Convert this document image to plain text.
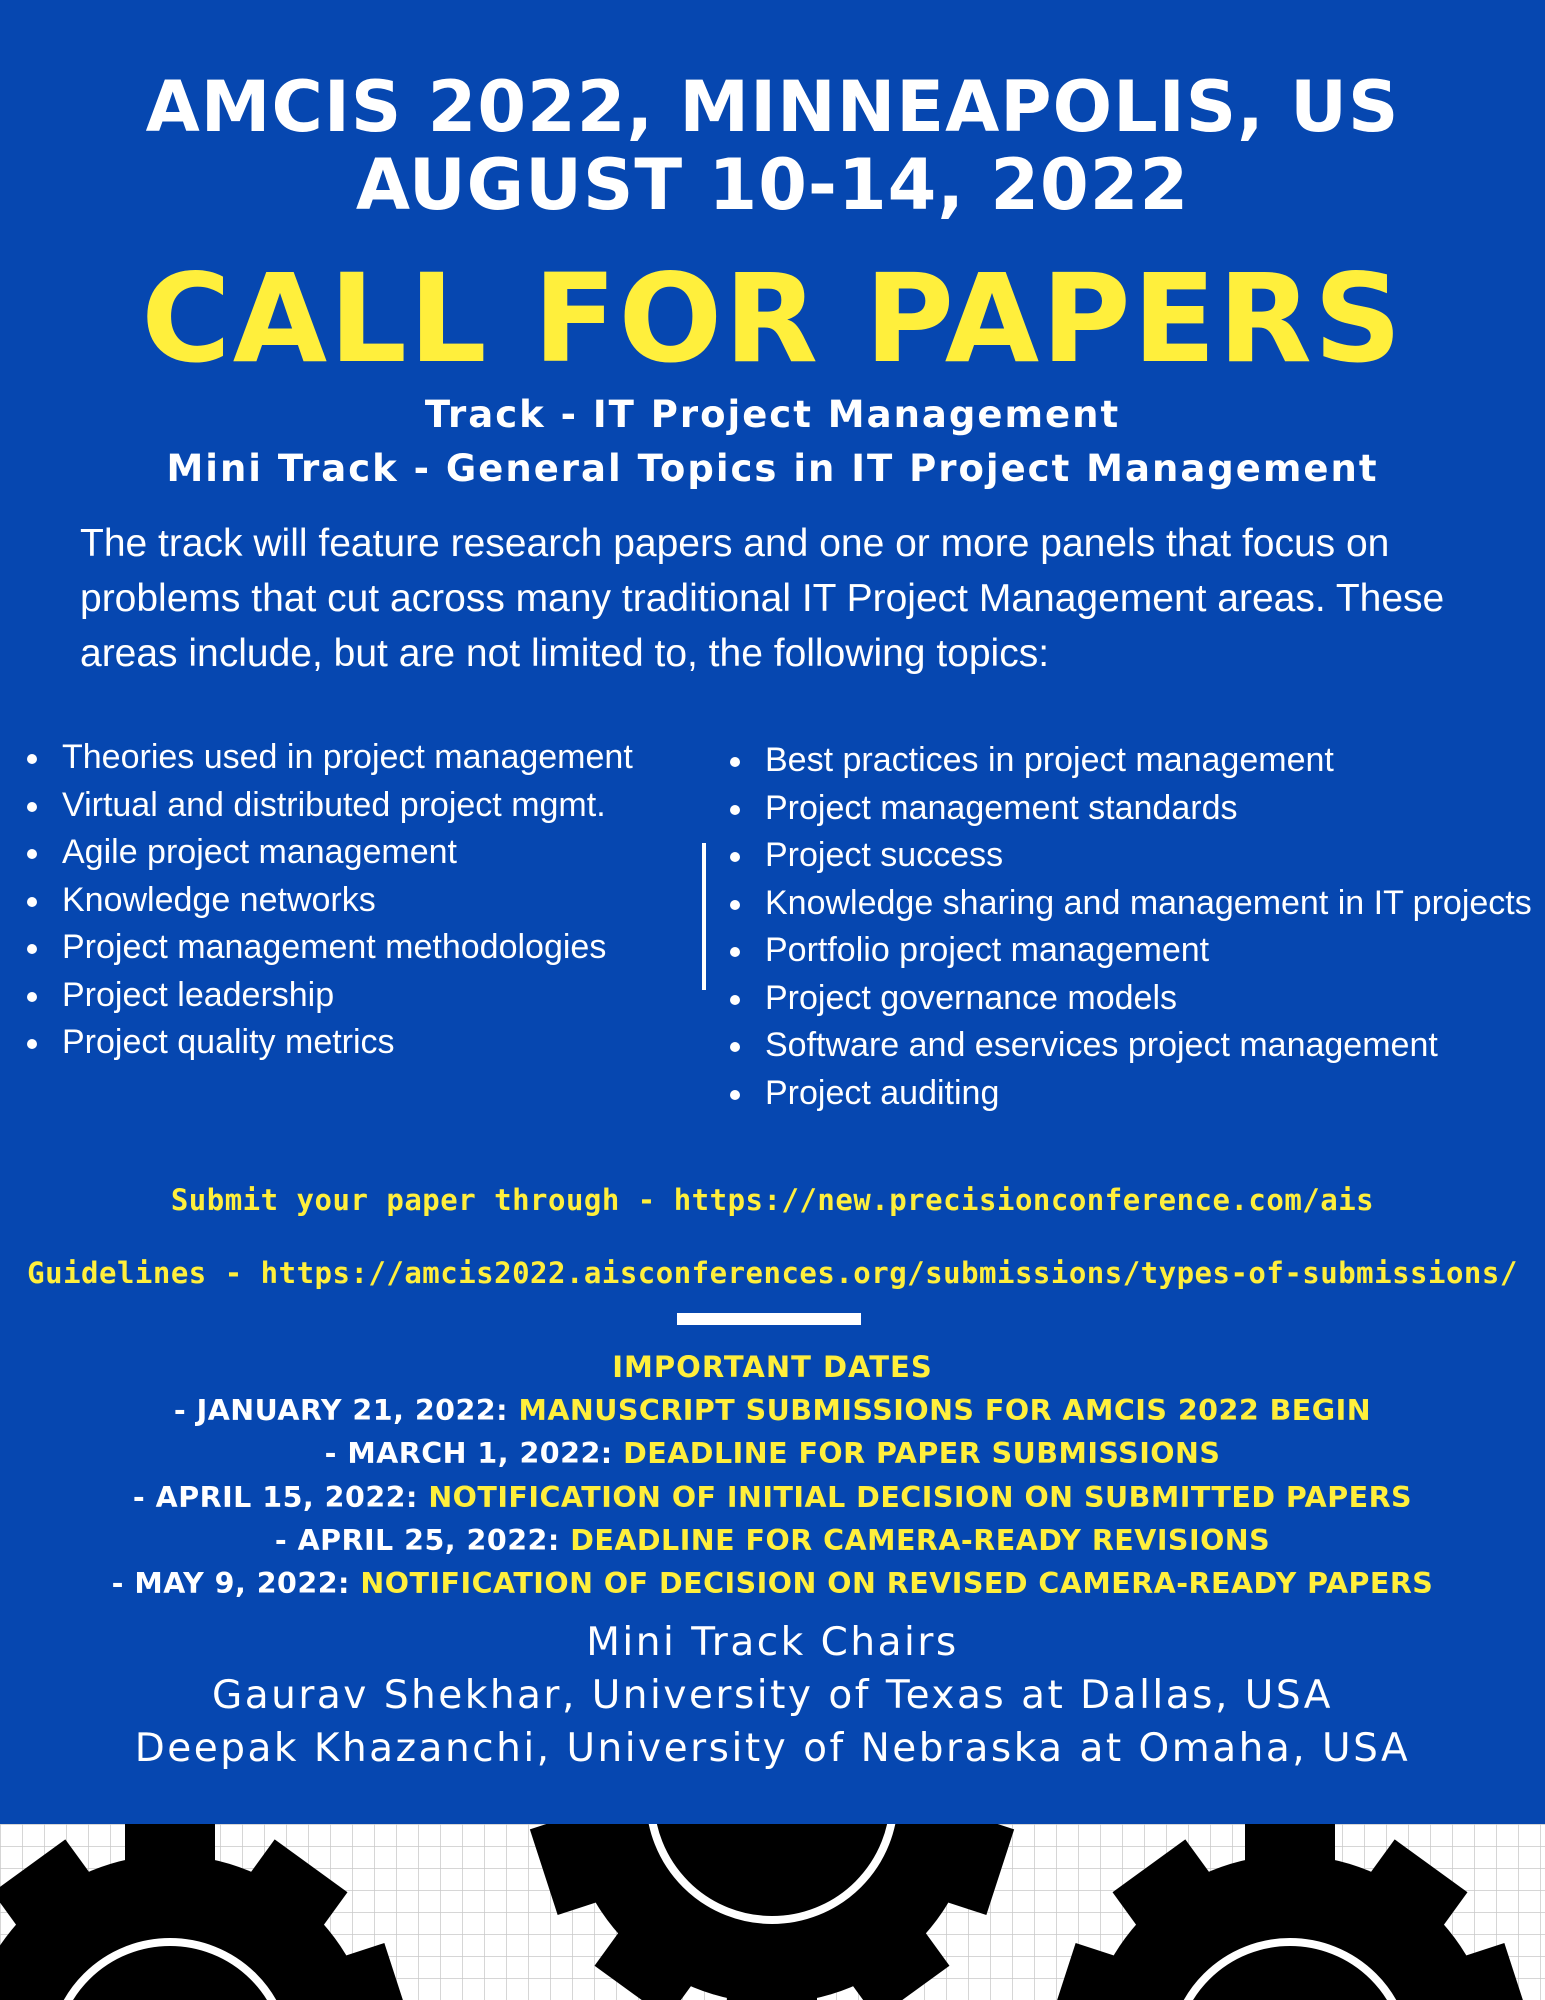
AMCIS 2022, MINNEAPOLIS, US
AUGUST 10-14, 2022
CALL FOR PAPERS
Track - IT Project Management
Mini Track - General Topics in IT Project Management
The track will feature research papers and one or more panels that focus on problems that cut across many traditional IT Project Management areas. These areas include, but are not limited to, the following topics:
Theories used in project management
Virtual and distributed project mgmt.
Agile project management
Knowledge networks
Project management methodologies
Project leadership
Project quality metrics
Best practices in project management
Project management standards
Project success
Knowledge sharing and management in IT projects
Portfolio project management
Project governance models
Software and eservices project management
Project auditing
Submit your paper through - https://new.precisionconference.com/ais
Guidelines - https://amcis2022.aisconferences.org/submissions/types-of-submissions/
IMPORTANT DATES
- JANUARY 21, 2022: MANUSCRIPT SUBMISSIONS FOR AMCIS 2022 BEGIN
- MARCH 1, 2022: DEADLINE FOR PAPER SUBMISSIONS
- APRIL 15, 2022: NOTIFICATION OF INITIAL DECISION ON SUBMITTED PAPERS
- APRIL 25, 2022: DEADLINE FOR CAMERA-READY REVISIONS
- MAY 9, 2022: NOTIFICATION OF DECISION ON REVISED CAMERA-READY PAPERS
Mini Track Chairs
Gaurav Shekhar, University of Texas at Dallas, USA
Deepak Khazanchi, University of Nebraska at Omaha, USA
